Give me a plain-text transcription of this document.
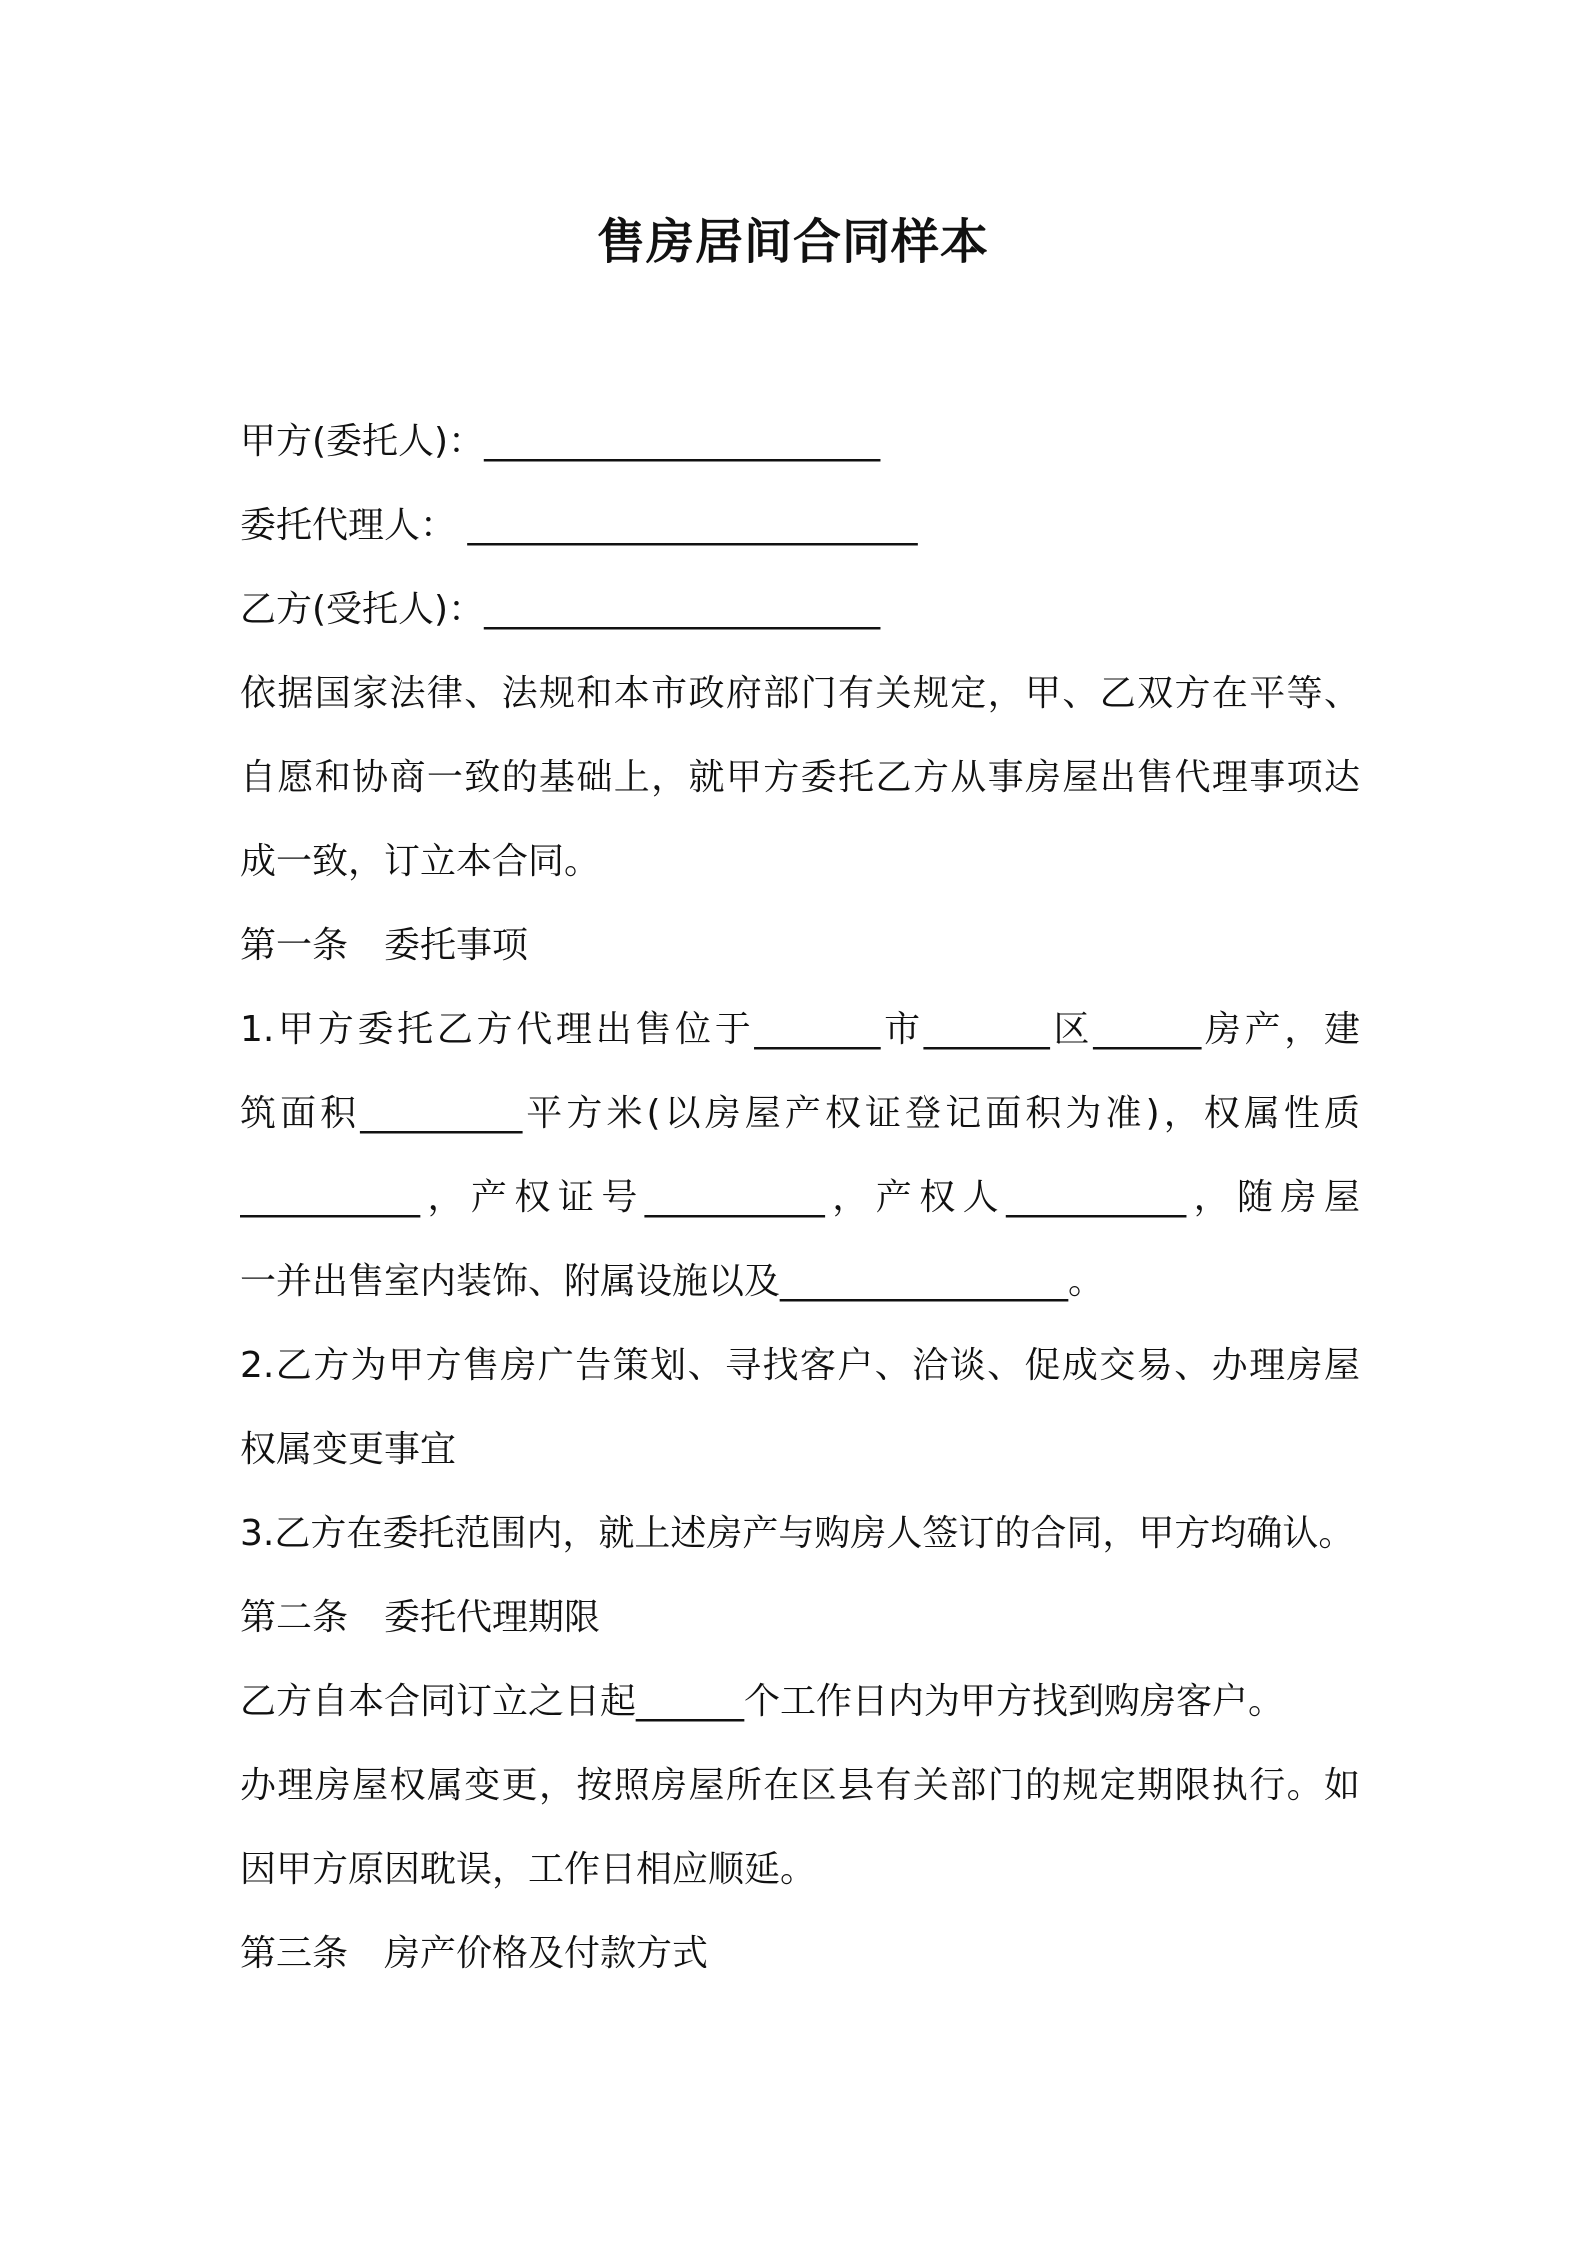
售房居间合同样本
甲方(委托人)：______________________
委托代理人： _________________________
乙方(受托人)：______________________
依据国家法律、法规和本市政府部门有关规定，甲、乙双方在平等、
自愿和协商一致的基础上，就甲方委托乙方从事房屋出售代理事项达
成一致，订立本合同。
第一条　委托事项
1.甲方委托乙方代理出售位于_______市_______区______房产，建
筑面积_________平方米(以房屋产权证登记面积为准)，权属性质
__________，产权证号__________，产权人__________，随房屋
一并出售室内装饰、附属设施以及________________。
2.乙方为甲方售房广告策划、寻找客户、洽谈、促成交易、办理房屋
权属变更事宜
3.乙方在委托范围内，就上述房产与购房人签订的合同，甲方均确认。
第二条　委托代理期限
乙方自本合同订立之日起______个工作日内为甲方找到购房客户。
办理房屋权属变更，按照房屋所在区县有关部门的规定期限执行。如
因甲方原因耽误，工作日相应顺延。
第三条　房产价格及付款方式
